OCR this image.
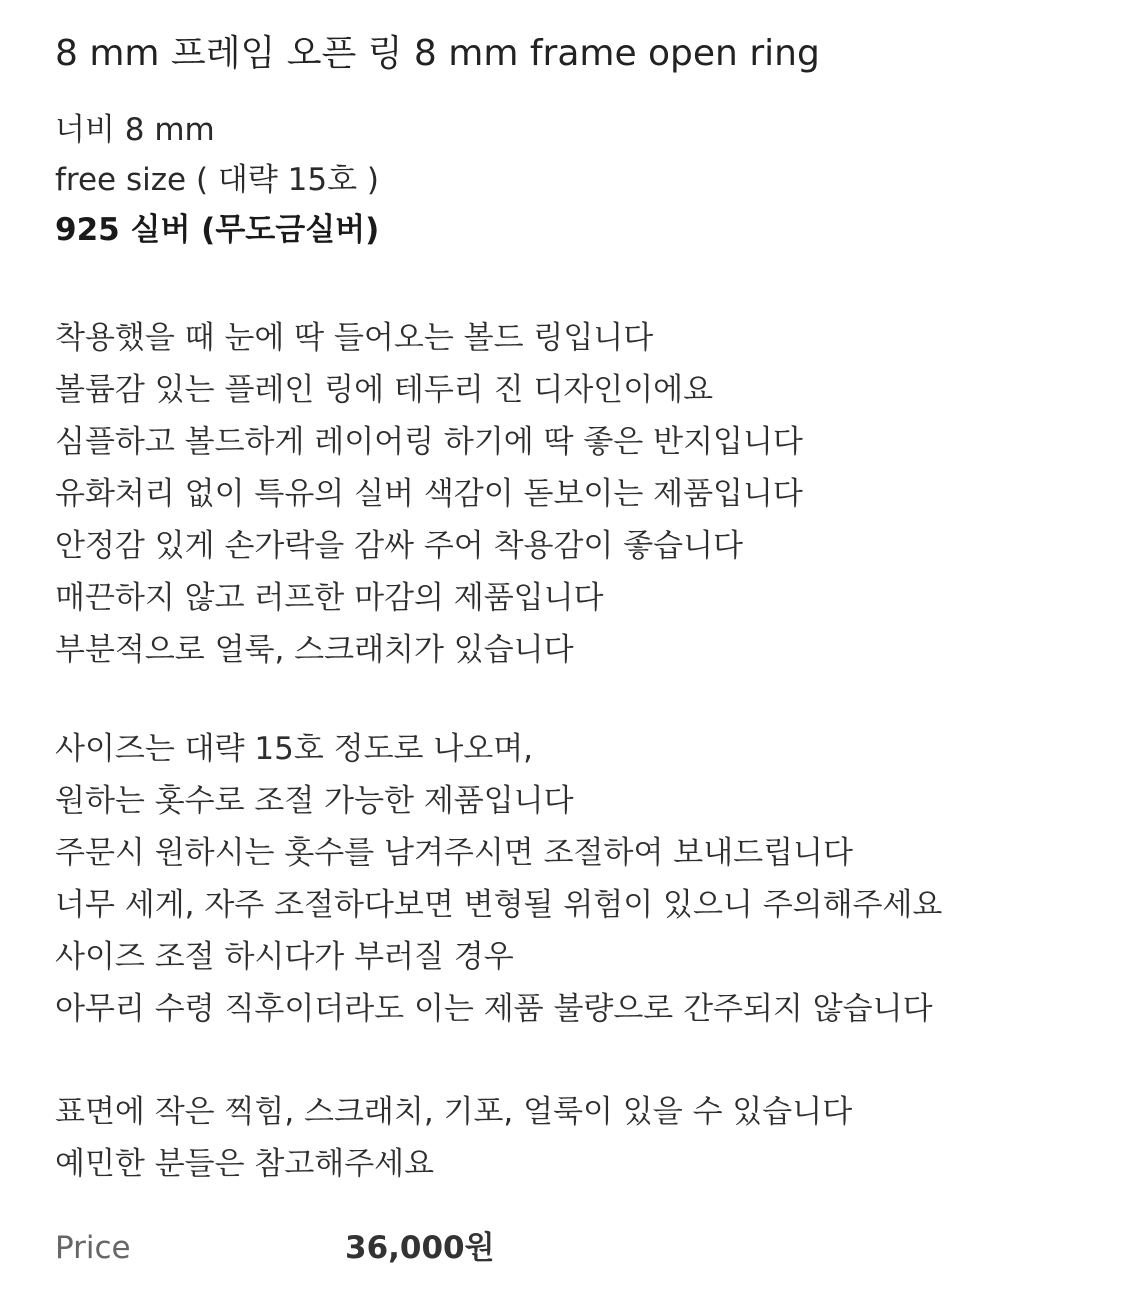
8 mm 프레임 오픈 링 8 mm frame open ring
너비 8 mm
free size ( 대략 15호 )
925 실버 (무도금실버)
착용했을 때 눈에 딱 들어오는 볼드 링입니다
볼륨감 있는 플레인 링에 테두리 진 디자인이에요
심플하고 볼드하게 레이어링 하기에 딱 좋은 반지입니다
유화처리 없이 특유의 실버 색감이 돋보이는 제품입니다
안정감 있게 손가락을 감싸 주어 착용감이 좋습니다
매끈하지 않고 러프한 마감의 제품입니다
부분적으로 얼룩, 스크래치가 있습니다
사이즈는 대략 15호 정도로 나오며,
원하는 홋수로 조절 가능한 제품입니다
주문시 원하시는 홋수를 남겨주시면 조절하여 보내드립니다
너무 세게, 자주 조절하다보면 변형될 위험이 있으니 주의해주세요
사이즈 조절 하시다가 부러질 경우
아무리 수령 직후이더라도 이는 제품 불량으로 간주되지 않습니다
표면에 작은 찍힘, 스크래치, 기포, 얼룩이 있을 수 있습니다
예민한 분들은 참고해주세요
Price	36,000원
